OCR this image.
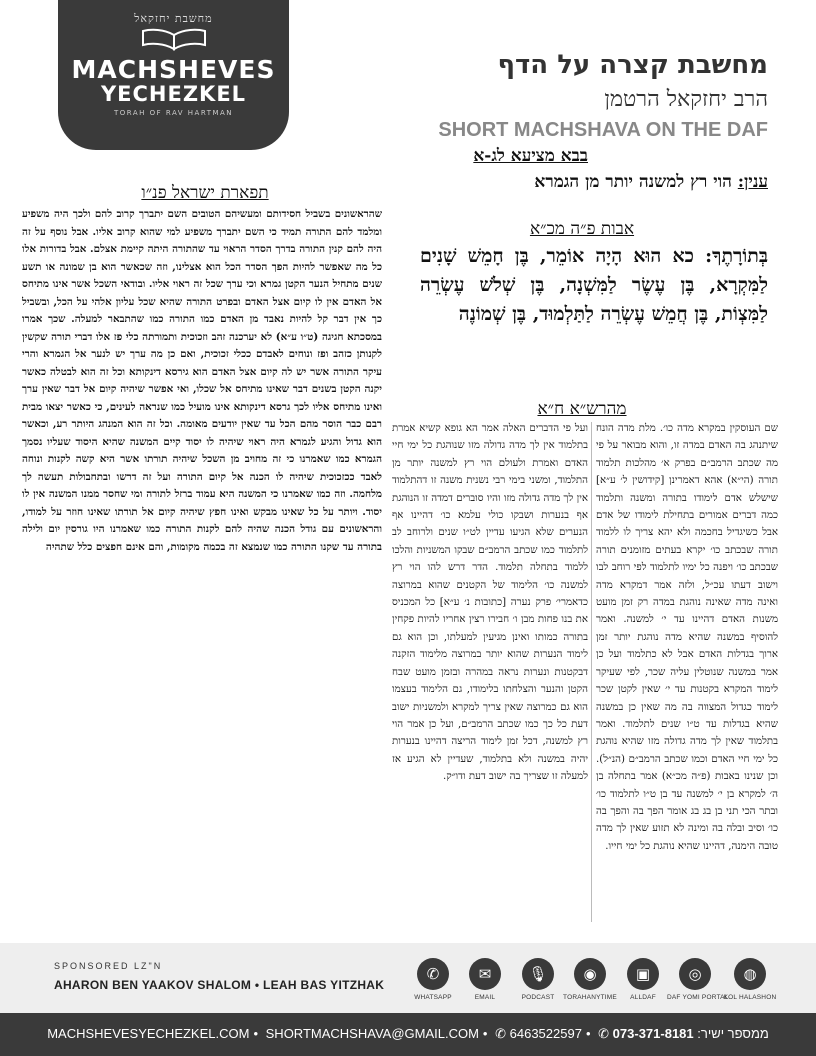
מחשבת יחזקאל
MACHSHEVES
YECHEZKEL
TORAH OF RAV HARTMAN
מחשבת קצרה על הדף
הרב יחזקאל הרטמן
SHORT MACHSHAVA ON THE DAF
בבא מציעא לג-א
ענין: הוי רץ למשנה יותר מן הגמרא
תפארת ישראל פנ״ו
שהראשונים בשביל חסידותם ומעשיהם הטובים השם יתברך קרוב להם ולכך היה משפיע ומלמד להם התורה תמיד כי השם יתברך משפיע למי שהוא קרוב אליו. אבל נוסף על זה היה להם קנין התורה בדרך הסדר הראוי עד שהתורה היתה קיימת אצלם. אבל בדורות אלו כל מה שאפשר להיות הפך הסדר הכל הוא אצלינו, וזה שכאשר הוא בן שמונה או תשע שנים מתחיל הנער הקטן גמרא וכי ערך שכל זה ראוי אליו. ובודאי השכל אשר אינו מתיחס אל האדם אין לו קיום אצל האדם ובפרט התורה שהיא שכל עליון אלהי על הכל, ובשביל כך אין דבר קל להיות נאבד מן האדם כמו התורה כמו שהתבאר למעלה. שכך אמרו במסכתא חגיגה (ט״ו ע״א) לא יערכנה זהב וזכוכית ותמורתה כלי פז אלו דברי תורה שקשין לקנותן כזהב ופז ונוחים לאבדם ככלי זכוכית, ואם כן מה ערך יש לנער אל הגמרא והרי עיקר התורה אשר יש לה קיום אצל האדם הוא גירסא דינקותא וכל זה הוא לבטלה כאשר יקנה הקטן בשנים דבר שאינו מתיחס אל שכלו, ואי אפשר שיהיה קיום אל דבר שאין ערך ואינו מתיחס אליו לכך גרסא דינקותא אינו מועיל כמו שנראה לעינים, כי כאשר יצאו מבית רבם כבר הוסר מהם הכל עד שאין יודעים מאומה. וכל זה הוא המנהג היותר רע, וכאשר הוא גדול והגיע לגמרא היה ראוי שיהיה לו יסוד קיים המשנה שהיא היסוד שעליו נסמך הגמרא כמו שאמרנו כי זה מחויב מן השכל שיהיה תורתו אשר היא קשה לקנות ונוחה לאבד ככזכוכית שיהיה לו הכנה אל קיום התורה ועל זה דרשו ובתחבולות תעשה לך מלחמה. וזה כמו שאמרנו כי המשנה היא עמוד ברזל לתורה ומי שחסר ממנו המשנה אין לו יסוד. ויותר על כל שאינו מבקש ואינו חפץ שיהיה קיום אל תורתו שאינו חוזר על למודו, והראשונים עם גודל הכנה שהיה להם לקנות התורה כמו שאמרנו היו גורסין יום ולילה בתורה עד שקנו התורה כמו שנמצא זה בכמה מקומות, והם אינם חפצים כלל שתהיה
אבות פ״ה מכ״א
בְּתוֹרָתֶךָ: כא הוּא הָיָה אוֹמֵר, בֶּן חָמֵשׁ שָׁנִים לַמִּקְרָא, בֶּן עֶשֶׂר לַמִּשְׁנָה, בֶּן שְׁלֹשׁ עֶשְׂרֵה לַמִּצְוֹת, בֶּן חֲמֵשׁ עֶשְׂרֵה לַתַּלְמוּד, בֶּן שְׁמוֹנֶה
מהרש״א ח״א
שם העוסקין במקרא מדה כו׳. מלת מדה הונח שיתנהג בה האדם במדה זו, והוא מבואר על פי מה שכתב הרמב״ם בפרק א׳ מהלכות תלמוד תורה (הי״א) אהא דאמרינן [קידושין ל׳ ע״א] שישלש אדם לימודו בתורה ומשנה ותלמוד כמה דברים אמורים בתחילת לימודו של אדם אבל כשיגדיל בחכמה ולא יהא צריך לו ללמוד תורה שבכתב כו׳ יקרא בעתים מזומנים תורה שבכתב כו׳ ויפנה כל ימיו לתלמוד לפי רוחב לבו וישוב דעתו עכ״ל, ולזה אמר דמקרא מדה ואינה מדה שאינה נוהגת במדה רק זמן מועט משנות האדם דהיינו עד י׳ למשנה. ואמר להוסיף במשנה שהיא מדה נוהגת יותר זמן ארוך בגדלות האדם אבל לא כתלמוד ועל כן אמר במשנה שנוטלין עליה שכר, לפי שעיקר לימוד המקרא בקטנות עד י׳ שאין לקטן שכר לימוד כגדול המצווה בה מה שאין כן במשנה שהיא בגדלות עד ט״ו שנים לתלמוד. ואמר בתלמוד שאין לך מדה גדולה מזו שהיא נוהגת כל ימי חיי האדם וכמו שכתב הרמב״ם (הנ״ל). וכן שנינו באבות (פ״ה מכ״א) אמר בתחלה בן ה׳ למקרא בן י׳ למשנה עד בן ט״ו לתלמוד כו׳ ובתר הכי תני בן בג בג אומר הפך בה והפך בה כו׳ וסיב ובלה בה ומינה לא תזוע שאין לך מדה טובה הימנה, דהיינו שהיא נוהגת כל ימי חייו.
ועל פי הדברים האלה אמר הא גופא קשיא אמרת בתלמוד אין לך מדה גדולה מזו שנוהגת כל ימי חיי האדם ואמרת ולעולם הוי רץ למשנה יותר מן התלמוד, ומשני בימי רבי נשנית משנה זו דהתלמוד אין לך מדה גדולה מזו והיו סוברים דמדה זו הנוהגת אף בנערות ושבקו כולי עלמא כו׳ דהיינו אף הנערים שלא הגיעו עדיין לט״ו שנים ולרוחב לב לתלמוד כמו שכתב הרמב״ם שבקו המשניות והלכו ללמוד בתחלה תלמוד. הדר דרש להו הוי רץ למשנה כו׳ הלימוד של הקטנים שהוא במרוצה כדאמרי׳ פרק נערה [כתובות נ׳ ע״א] כל המכניס את בנו פחות מבן ו׳ חבירו רצין אחריו להיות פקחין בתורה כמותו ואינן מגיעין למעלתו, וכן הוא גם לימוד הנערות שהוא יותר במרוצה מלימוד הזקנה דבקטנות ונערות נראה במהרה ובזמן מועט שבח הקטן והנער והצלחתו בלימודו, גם הלימוד בעצמו הוא גם כמרוצה שאין צריך למקרא ולמשניות ישוב דעת כל כך כמו שכתב הרמב״ם, ועל כן אמר הוי רץ למשנה, דכל זמן לימוד הריצה דהיינו בנערות יהיה במשנה ולא בתלמוד, שעדיין לא הגיע אז למעלה זו שצריך בה ישוב דעת ודו״ק.
SPONSORED LZ"N
AHARON BEN YAAKOV SHALOM • LEAH BAS YITZHAK
✆
WHATSAPP
✉
EMAIL
🎙
PODCAST
◉
TORAHANYTIME
▣
ALLDAF
◎
DAF YOMI PORTAL
◍
KOL HALASHON
MACHSHEVESYECHEZKEL.COM • SHORTMACHSHAVA@GMAIL.COM • ✆ 6463522597 • ✆ 073-371-8181 ממספר ישיר:
